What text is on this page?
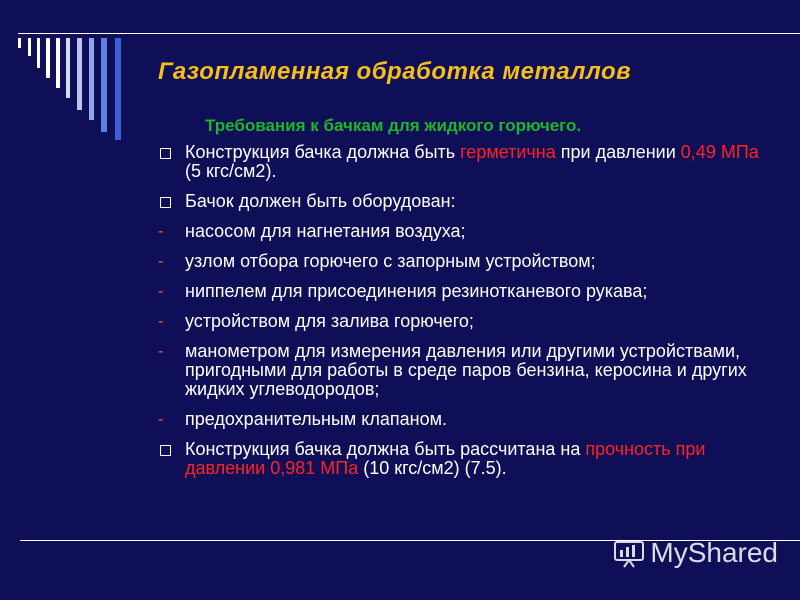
Газопламенная обработка металлов
Требования к бачкам для жидкого горючего.
Конструкция бачка должна быть герметична при давлении 0,49 МПа (5 кгс/см2).
Бачок должен быть оборудован:
- насосом для нагнетания воздуха;
- узлом отбора горючего с запорным устройством;
- ниппелем для присоединения резинотканевого рукава;
- устройством для залива горючего;
- манометром для измерения давления или другими устройствами, пригодными для работы в среде паров бензина, керосина и других жидких углеводородов;
- предохранительным клапаном.
Конструкция бачка должна быть рассчитана на прочность при давлении 0,981 МПа (10 кгс/см2) (7.5).
MyShared
